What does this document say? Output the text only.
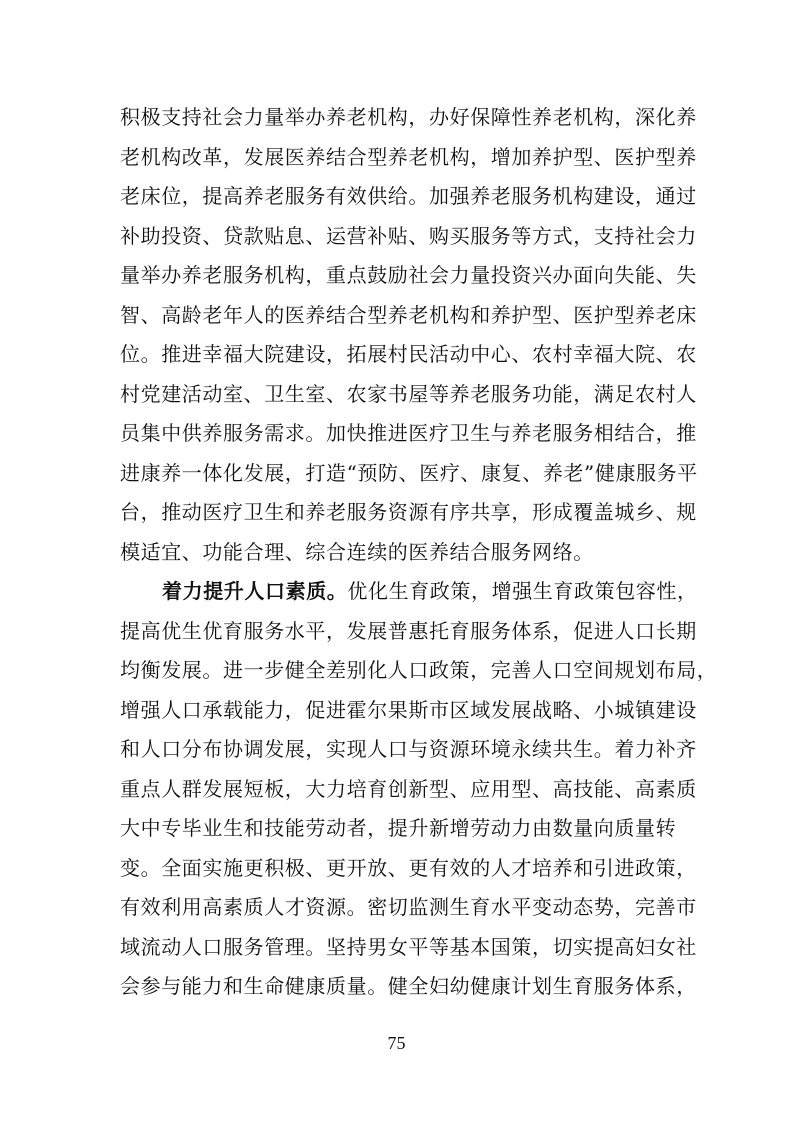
积极支持社会力量举办养老机构，办好保障性养老机构，深化养
老机构改革，发展医养结合型养老机构，增加养护型、医护型养
老床位，提高养老服务有效供给。加强养老服务机构建设，通过
补助投资、贷款贴息、运营补贴、购买服务等方式，支持社会力
量举办养老服务机构，重点鼓励社会力量投资兴办面向失能、失
智、高龄老年人的医养结合型养老机构和养护型、医护型养老床
位。推进幸福大院建设，拓展村民活动中心、农村幸福大院、农
村党建活动室、卫生室、农家书屋等养老服务功能，满足农村人
员集中供养服务需求。加快推进医疗卫生与养老服务相结合，推
进康养一体化发展，打造“预防、医疗、康复、养老”健康服务平
台，推动医疗卫生和养老服务资源有序共享，形成覆盖城乡、规
模适宜、功能合理、综合连续的医养结合服务网络。
着力提升人口素质。优化生育政策，增强生育政策包容性，
提高优生优育服务水平，发展普惠托育服务体系，促进人口长期
均衡发展。进一步健全差别化人口政策，完善人口空间规划布局，
增强人口承载能力，促进霍尔果斯市区域发展战略、小城镇建设
和人口分布协调发展，实现人口与资源环境永续共生。着力补齐
重点人群发展短板，大力培育创新型、应用型、高技能、高素质
大中专毕业生和技能劳动者，提升新增劳动力由数量向质量转
变。全面实施更积极、更开放、更有效的人才培养和引进政策，
有效利用高素质人才资源。密切监测生育水平变动态势，完善市
域流动人口服务管理。坚持男女平等基本国策，切实提高妇女社
会参与能力和生命健康质量。健全妇幼健康计划生育服务体系，
75
